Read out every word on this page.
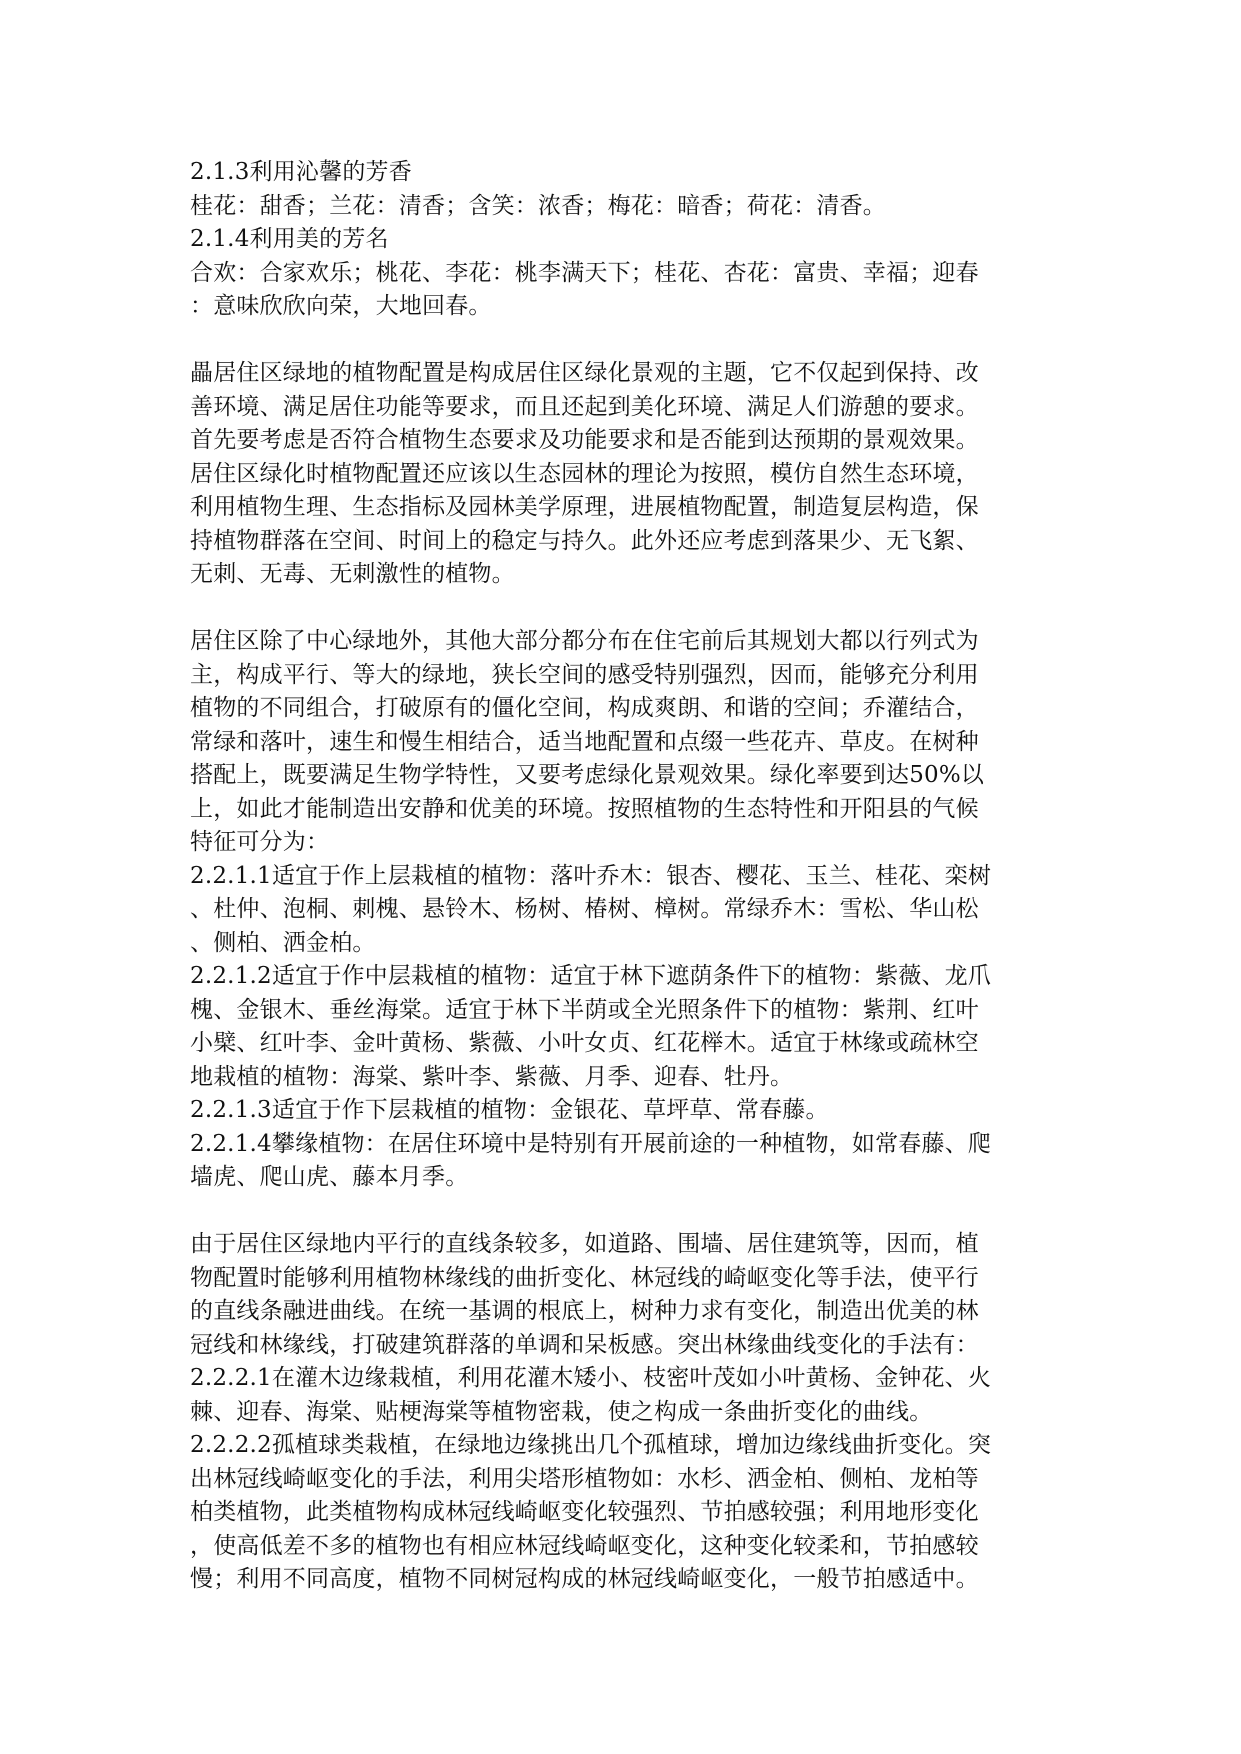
2.1.3利用沁馨的芳香
桂花：甜香；兰花：清香；含笑：浓香；梅花：暗香；荷花：清香。
2.1.4利用美的芳名
合欢：合家欢乐；桃花、李花：桃李满天下；桂花、杏花：富贵、幸福；迎春
：意味欣欣向荣，大地回春。
畾居住区绿地的植物配置是构成居住区绿化景观的主题，它不仅起到保持、改
善环境、满足居住功能等要求，而且还起到美化环境、满足人们游憩的要求。
首先要考虑是否符合植物生态要求及功能要求和是否能到达预期的景观效果。
居住区绿化时植物配置还应该以生态园林的理论为按照，模仿自然生态环境，
利用植物生理、生态指标及园林美学原理，进展植物配置，制造复层构造，保
持植物群落在空间、时间上的稳定与持久。此外还应考虑到落果少、无飞絮、
无刺、无毒、无刺激性的植物。
居住区除了中心绿地外，其他大部分都分布在住宅前后其规划大都以行列式为
主，构成平行、等大的绿地，狭长空间的感受特别强烈，因而，能够充分利用
植物的不同组合，打破原有的僵化空间，构成爽朗、和谐的空间；乔灌结合，
常绿和落叶，速生和慢生相结合，适当地配置和点缀一些花卉、草皮。在树种
搭配上，既要满足生物学特性，又要考虑绿化景观效果。绿化率要到达50%以
上，如此才能制造出安静和优美的环境。按照植物的生态特性和开阳县的气候
特征可分为：
2.2.1.1适宜于作上层栽植的植物：落叶乔木：银杏、樱花、玉兰、桂花、栾树
、杜仲、泡桐、刺槐、悬铃木、杨树、椿树、樟树。常绿乔木：雪松、华山松
、侧柏、洒金柏。
2.2.1.2适宜于作中层栽植的植物：适宜于林下遮荫条件下的植物：紫薇、龙爪
槐、金银木、垂丝海棠。适宜于林下半荫或全光照条件下的植物：紫荆、红叶
小檗、红叶李、金叶黄杨、紫薇、小叶女贞、红花榉木。适宜于林缘或疏林空
地栽植的植物：海棠、紫叶李、紫薇、月季、迎春、牡丹。
2.2.1.3适宜于作下层栽植的植物：金银花、草坪草、常春藤。
2.2.1.4攀缘植物：在居住环境中是特别有开展前途的一种植物，如常春藤、爬
墙虎、爬山虎、藤本月季。
由于居住区绿地内平行的直线条较多，如道路、围墙、居住建筑等，因而，植
物配置时能够利用植物林缘线的曲折变化、林冠线的崎岖变化等手法，使平行
的直线条融进曲线。在统一基调的根底上，树种力求有变化，制造出优美的林
冠线和林缘线，打破建筑群落的单调和呆板感。突出林缘曲线变化的手法有：
2.2.2.1在灌木边缘栽植，利用花灌木矮小、枝密叶茂如小叶黄杨、金钟花、火
棘、迎春、海棠、贴梗海棠等植物密栽，使之构成一条曲折变化的曲线。
2.2.2.2孤植球类栽植，在绿地边缘挑出几个孤植球，增加边缘线曲折变化。突
出林冠线崎岖变化的手法，利用尖塔形植物如：水杉、洒金柏、侧柏、龙柏等
柏类植物，此类植物构成林冠线崎岖变化较强烈、节拍感较强；利用地形变化
，使高低差不多的植物也有相应林冠线崎岖变化，这种变化较柔和，节拍感较
慢；利用不同高度，植物不同树冠构成的林冠线崎岖变化，一般节拍感适中。
